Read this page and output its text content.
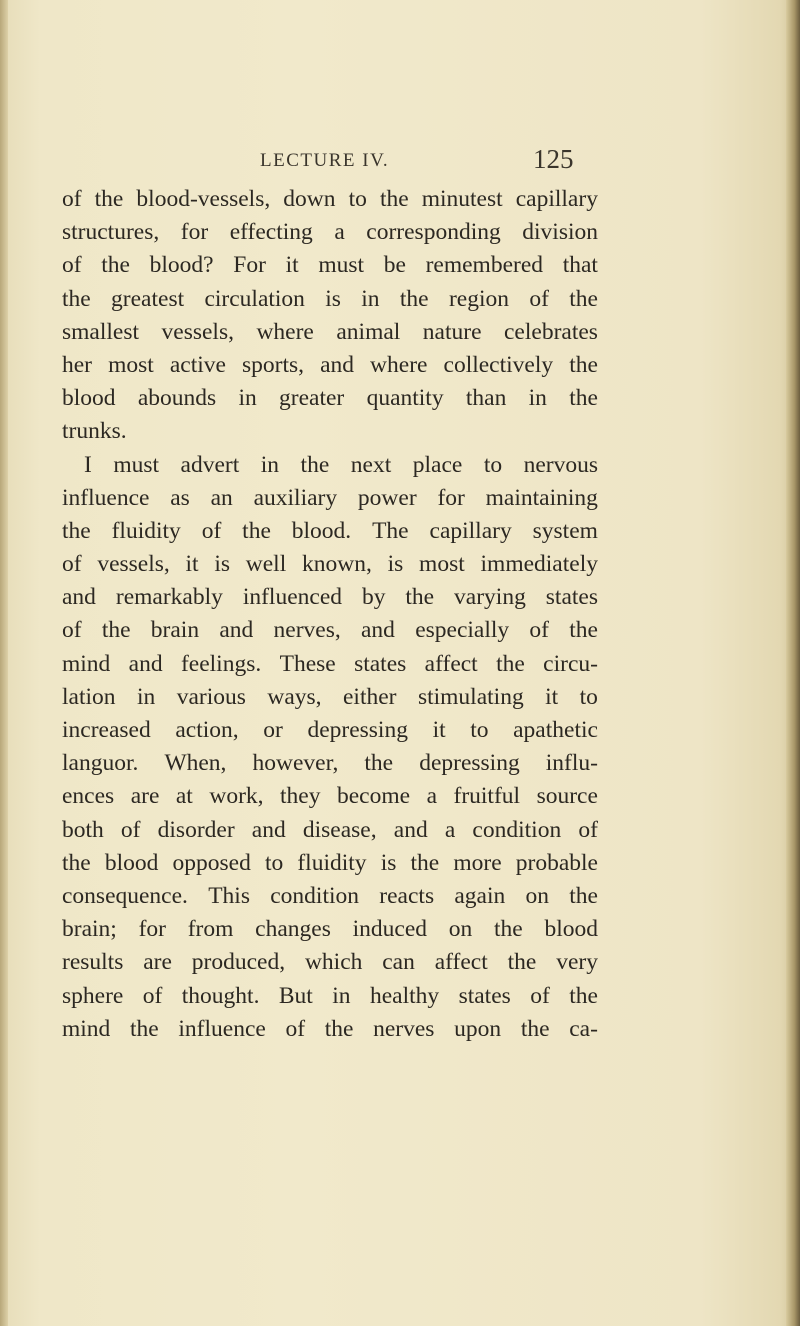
LECTURE IV.	125
of the blood-vessels, down to the minutest capillary
structures, for effecting a corresponding division
of the blood? For it must be remembered that
the greatest circulation is in the region of the
smallest vessels, where animal nature celebrates
her most active sports, and where collectively the
blood abounds in greater quantity than in the
trunks.
I must advert in the next place to nervous
influence as an auxiliary power for maintaining
the fluidity of the blood. The capillary system
of vessels, it is well known, is most immediately
and remarkably influenced by the varying states
of the brain and nerves, and especially of the
mind and feelings. These states affect the circu-
lation in various ways, either stimulating it to
increased action, or depressing it to apathetic
languor. When, however, the depressing influ-
ences are at work, they become a fruitful source
both of disorder and disease, and a condition of
the blood opposed to fluidity is the more probable
consequence. This condition reacts again on the
brain; for from changes induced on the blood
results are produced, which can affect the very
sphere of thought. But in healthy states of the
mind the influence of the nerves upon the ca-
